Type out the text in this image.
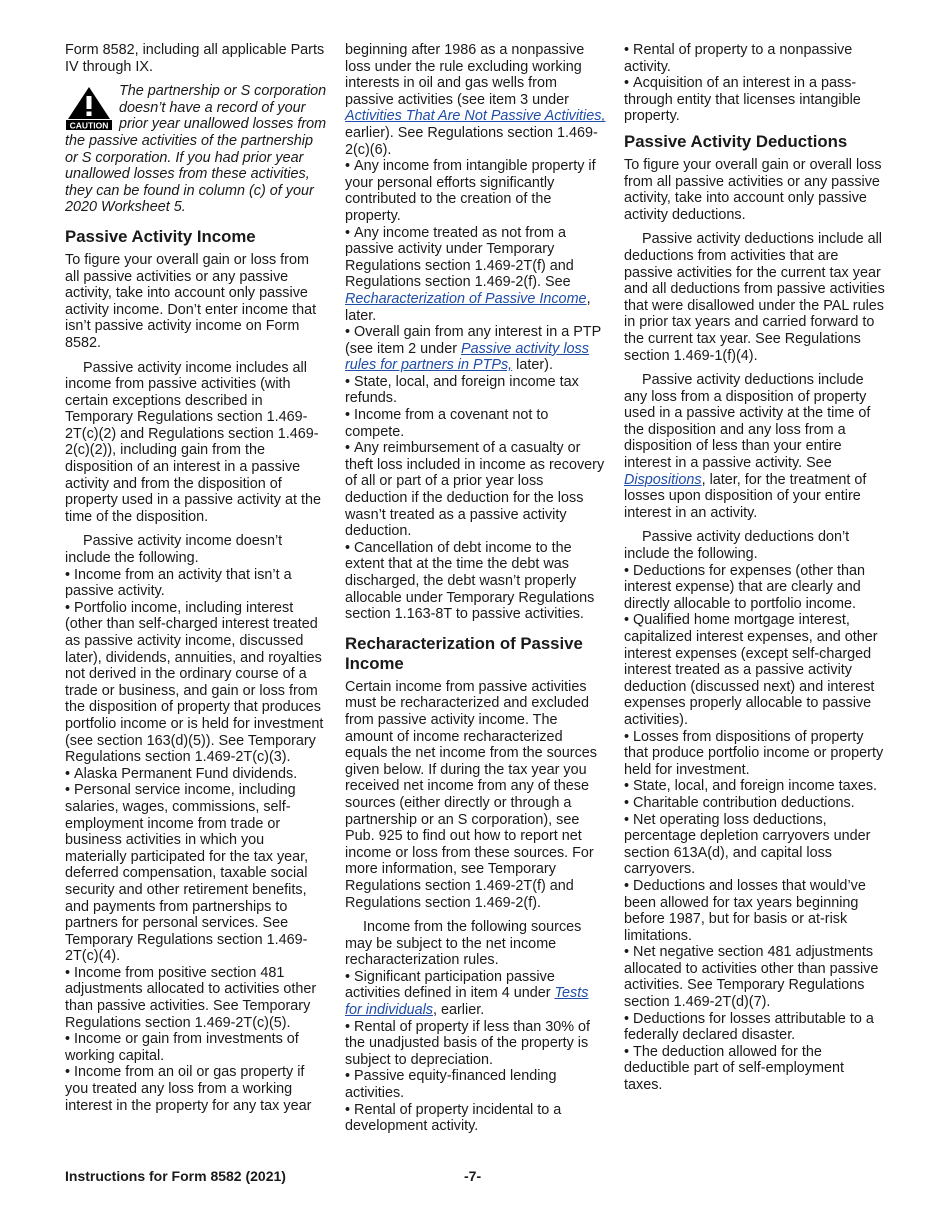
Form 8582, including all applicable Parts IV through IX.

CAUTION

The partnership or S corporation doesn’t have a record of your prior year unallowed losses from the passive activities of the partnership or S corporation. If you had prior year unallowed losses from these activities, they can be found in column (c) of your 2020 Worksheet 5.

Passive Activity Income

To figure your overall gain or loss from all passive activities or any passive activity, take into account only passive activity income. Don’t enter income that isn’t passive activity income on Form 8582.

Passive activity income includes all income from passive activities (with certain exceptions described in Temporary Regulations section 1.469-2T(c)(2) and Regulations section 1.469-2(c)(2)), including gain from the disposition of an interest in a passive activity and from the disposition of property used in a passive activity at the time of the disposition.

Passive activity income doesn’t include the following.

• Income from an activity that isn’t a passive activity.

• Portfolio income, including interest (other than self-charged interest treated as passive activity income, discussed later), dividends, annuities, and royalties not derived in the ordinary course of a trade or business, and gain or loss from the disposition of property that produces portfolio income or is held for investment (see section 163(d)(5)). See Temporary Regulations section 1.469-2T(c)(3).

• Alaska Permanent Fund dividends.

• Personal service income, including salaries, wages, commissions, self-employment income from trade or business activities in which you materially participated for the tax year, deferred compensation, taxable social security and other retirement benefits, and payments from partnerships to partners for personal services. See Temporary Regulations section 1.469-2T(c)(4).

• Income from positive section 481 adjustments allocated to activities other than passive activities. See Temporary Regulations section 1.469-2T(c)(5).

• Income or gain from investments of working capital.

• Income from an oil or gas property if you treated any loss from a working interest in the property for any tax year

beginning after 1986 as a nonpassive loss under the rule excluding working interests in oil and gas wells from passive activities (see item 3 under Activities That Are Not Passive Activities, earlier). See Regulations section 1.469-2(c)(6).

• Any income from intangible property if your personal efforts significantly contributed to the creation of the property.

• Any income treated as not from a passive activity under Temporary Regulations section 1.469-2T(f) and Regulations section 1.469-2(f). See Recharacterization of Passive Income, later.

• Overall gain from any interest in a PTP (see item 2 under Passive activity loss rules for partners in PTPs, later).

• State, local, and foreign income tax refunds.

• Income from a covenant not to compete.

• Any reimbursement of a casualty or theft loss included in income as recovery of all or part of a prior year loss deduction if the deduction for the loss wasn’t treated as a passive activity deduction.

• Cancellation of debt income to the extent that at the time the debt was discharged, the debt wasn’t properly allocable under Temporary Regulations section 1.163-8T to passive activities.

Recharacterization of Passive Income

Certain income from passive activities must be recharacterized and excluded from passive activity income. The amount of income recharacterized equals the net income from the sources given below. If during the tax year you received net income from any of these sources (either directly or through a partnership or an S corporation), see Pub. 925 to find out how to report net income or loss from these sources. For more information, see Temporary Regulations section 1.469-2T(f) and Regulations section 1.469-2(f).

Income from the following sources may be subject to the net income recharacterization rules.

• Significant participation passive activities defined in item 4 under Tests for individuals, earlier.

• Rental of property if less than 30% of the unadjusted basis of the property is subject to depreciation.

• Passive equity-financed lending activities.

• Rental of property incidental to a development activity.

• Rental of property to a nonpassive activity.

• Acquisition of an interest in a pass-through entity that licenses intangible property.

Passive Activity Deductions

To figure your overall gain or overall loss from all passive activities or any passive activity, take into account only passive activity deductions.

Passive activity deductions include all deductions from activities that are passive activities for the current tax year and all deductions from passive activities that were disallowed under the PAL rules in prior tax years and carried forward to the current tax year. See Regulations section 1.469-1(f)(4).

Passive activity deductions include any loss from a disposition of property used in a passive activity at the time of the disposition and any loss from a disposition of less than your entire interest in a passive activity. See Dispositions, later, for the treatment of losses upon disposition of your entire interest in an activity.

Passive activity deductions don’t include the following.

• Deductions for expenses (other than interest expense) that are clearly and directly allocable to portfolio income.

• Qualified home mortgage interest, capitalized interest expenses, and other interest expenses (except self-charged interest treated as a passive activity deduction (discussed next) and interest expenses properly allocable to passive activities).

• Losses from dispositions of property that produce portfolio income or property held for investment.

• State, local, and foreign income taxes.

• Charitable contribution deductions.

• Net operating loss deductions, percentage depletion carryovers under section 613A(d), and capital loss carryovers.

• Deductions and losses that would’ve been allowed for tax years beginning before 1987, but for basis or at-risk limitations.

• Net negative section 481 adjustments allocated to activities other than passive activities. See Temporary Regulations section 1.469-2T(d)(7).

• Deductions for losses attributable to a federally declared disaster.

• The deduction allowed for the deductible part of self-employment taxes.

Instructions for Form 8582 (2021)	-7-
